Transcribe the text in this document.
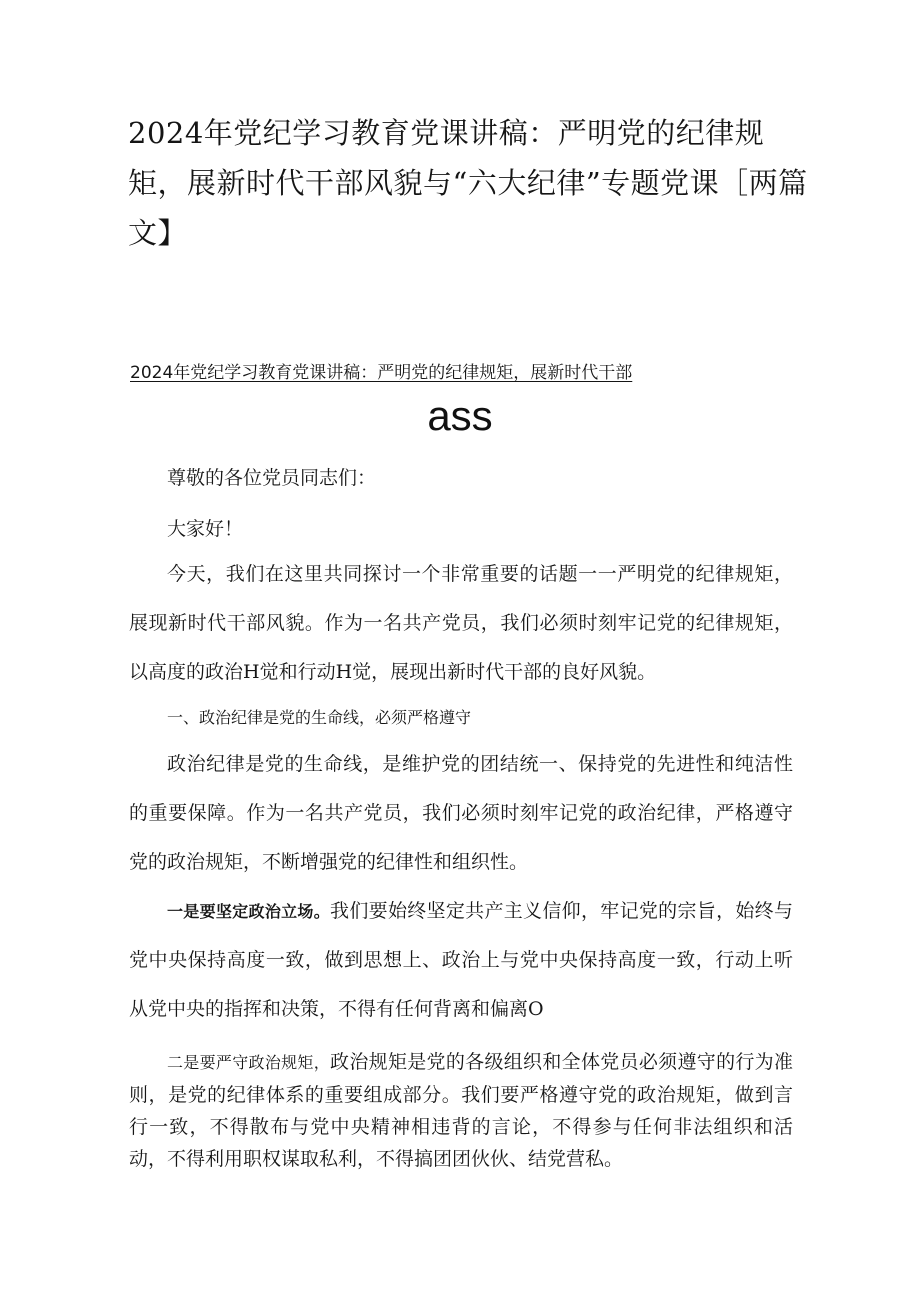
2024年党纪学习教育党课讲稿：严明党的纪律规矩，展新时代干部风貌与“六大纪律”专题党课［两篇文】
2024年党纪学习教育党课讲稿：严明党的纪律规矩，展新时代干部
ass

尊敬的各位党员同志们：

大家好！

今天，我们在这里共同探讨一个非常重要的话题一一严明党的纪律规矩，展现新时代干部风貌。作为一名共产党员，我们必须时刻牢记党的纪律规矩，以高度的政治H觉和行动H觉，展现出新时代干部的良好风貌。

一、政治纪律是党的生命线，必须严格遵守

政治纪律是党的生命线，是维护党的团结统一、保持党的先进性和纯洁性的重要保障。作为一名共产党员，我们必须时刻牢记党的政治纪律，严格遵守党的政治规矩，不断增强党的纪律性和组织性。

一是要坚定政治立场。我们要始终坚定共产主义信仰，牢记党的宗旨，始终与党中央保持高度一致，做到思想上、政治上与党中央保持高度一致，行动上听从党中央的指挥和决策，不得有任何背离和偏离O

二是要严守政治规矩，政治规矩是党的各级组织和全体党员必须遵守的行为准则，是党的纪律体系的重要组成部分。我们要严格遵守党的政治规矩，做到言行一致，不得散布与党中央精神相违背的言论，不得参与任何非法组织和活动，不得利用职权谋取私利，不得搞团团伙伙、结党营私。
